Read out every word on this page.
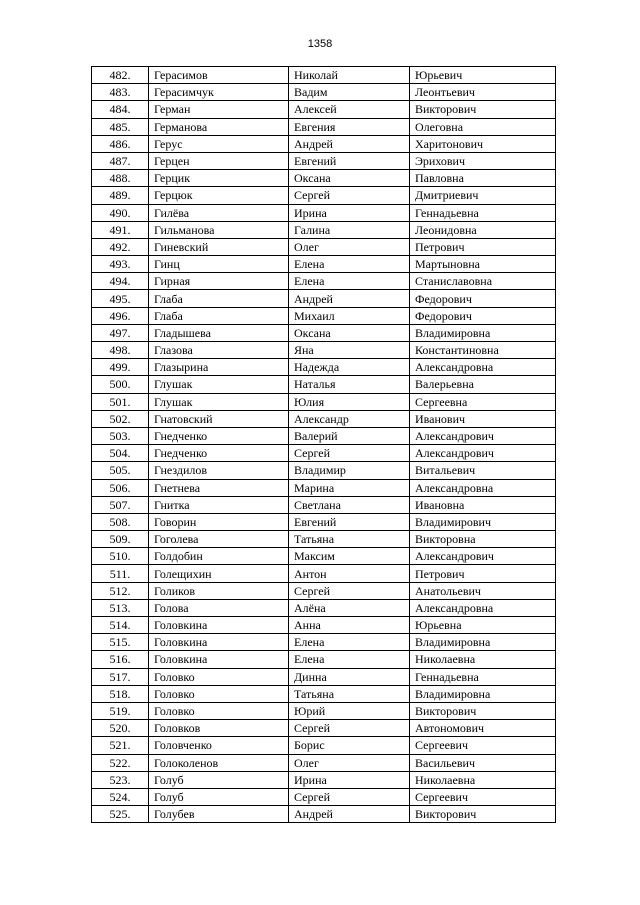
1358
482.	Герасимов	Николай	Юрьевич
483.	Герасимчук	Вадим	Леонтьевич
484.	Герман	Алексей	Викторович
485.	Германова	Евгения	Олеговна
486.	Герус	Андрей	Харитонович
487.	Герцен	Евгений	Эрихович
488.	Герцик	Оксана	Павловна
489.	Герцюк	Сергей	Дмитриевич
490.	Гилёва	Ирина	Геннадьевна
491.	Гильманова	Галина	Леонидовна
492.	Гиневский	Олег	Петрович
493.	Гинц	Елена	Мартыновна
494.	Гирная	Елена	Станиславовна
495.	Глаба	Андрей	Федорович
496.	Глаба	Михаил	Федорович
497.	Гладышева	Оксана	Владимировна
498.	Глазова	Яна	Константиновна
499.	Глазырина	Надежда	Александровна
500.	Глушак	Наталья	Валерьевна
501.	Глушак	Юлия	Сергеевна
502.	Гнатовский	Александр	Иванович
503.	Гнедченко	Валерий	Александрович
504.	Гнедченко	Сергей	Александрович
505.	Гнездилов	Владимир	Витальевич
506.	Гнетнева	Марина	Александровна
507.	Гнитка	Светлана	Ивановна
508.	Говорин	Евгений	Владимирович
509.	Гоголева	Татьяна	Викторовна
510.	Голдобин	Максим	Александрович
511.	Голещихин	Антон	Петрович
512.	Голиков	Сергей	Анатольевич
513.	Голова	Алёна	Александровна
514.	Головкина	Анна	Юрьевна
515.	Головкина	Елена	Владимировна
516.	Головкина	Елена	Николаевна
517.	Головко	Динна	Геннадьевна
518.	Головко	Татьяна	Владимировна
519.	Головко	Юрий	Викторович
520.	Головков	Сергей	Автономович
521.	Головченко	Борис	Сергеевич
522.	Голоколенов	Олег	Васильевич
523.	Голуб	Ирина	Николаевна
524.	Голуб	Сергей	Сергеевич
525.	Голубев	Андрей	Викторович
